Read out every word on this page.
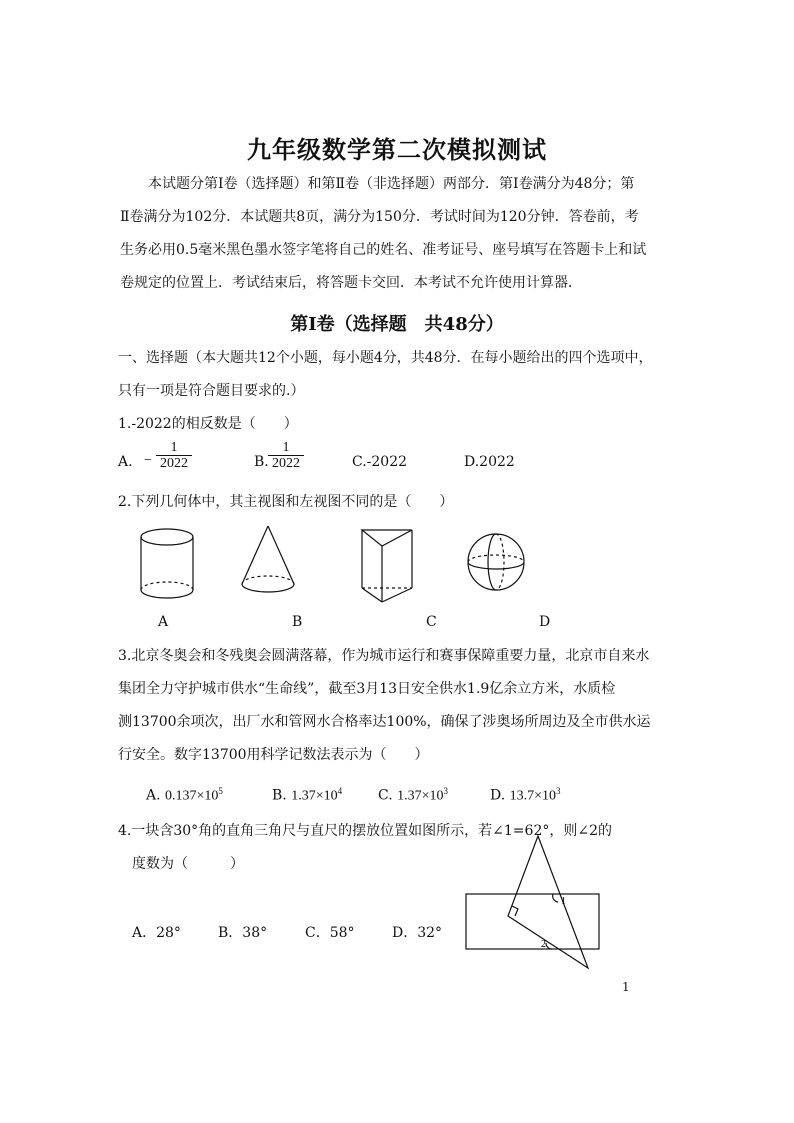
九年级数学第二次模拟测试

本试题分第Ⅰ卷（选择题）和第Ⅱ卷（非选择题）两部分．第Ⅰ卷满分为48分；第

Ⅱ卷满分为102分．本试题共8页，满分为150分．考试时间为120分钟．答卷前，考

生务必用0.5毫米黑色墨水签字笔将自己的姓名、准考证号、座号填写在答题卡上和试

卷规定的位置上．考试结束后，将答题卡交回．本考试不允许使用计算器．

第Ⅰ卷（选择题　共48分）
一、选择题（本大题共12个小题，每小题4分，共48分．在每小题给出的四个选项中，
只有一项是符合题目要求的.）
1.-2022的相反数是（　　）
A. − $\frac{1}{2022}$	B. $\frac{1}{2022}$	C.-2022	D.2022
2.下列几何体中，其主视图和左视图不同的是（　　）
A	B	C	D
3.北京冬奥会和冬残奥会圆满落幕，作为城市运行和赛事保障重要力量，北京市自来水
集团全力守护城市供水“生命线”，截至3月13日安全供水1.9亿余立方米，水质检
测13700余项次，出厂水和管网水合格率达100%，确保了涉奥场所周边及全市供水运
行安全。数字13700用科学记数法表示为（　　）
A. $0.137\times 10^5$	B. $1.37\times 10^4$	C. $1.37\times 10^3$	D. $13.7\times 10^3$
4.一块含30°角的直角三角尺与直尺的摆放位置如图所示，若∠1=62°，则∠2的
度数为（　　　）
A．28°	B．38°	C．58°	D．32°
1
2
1
